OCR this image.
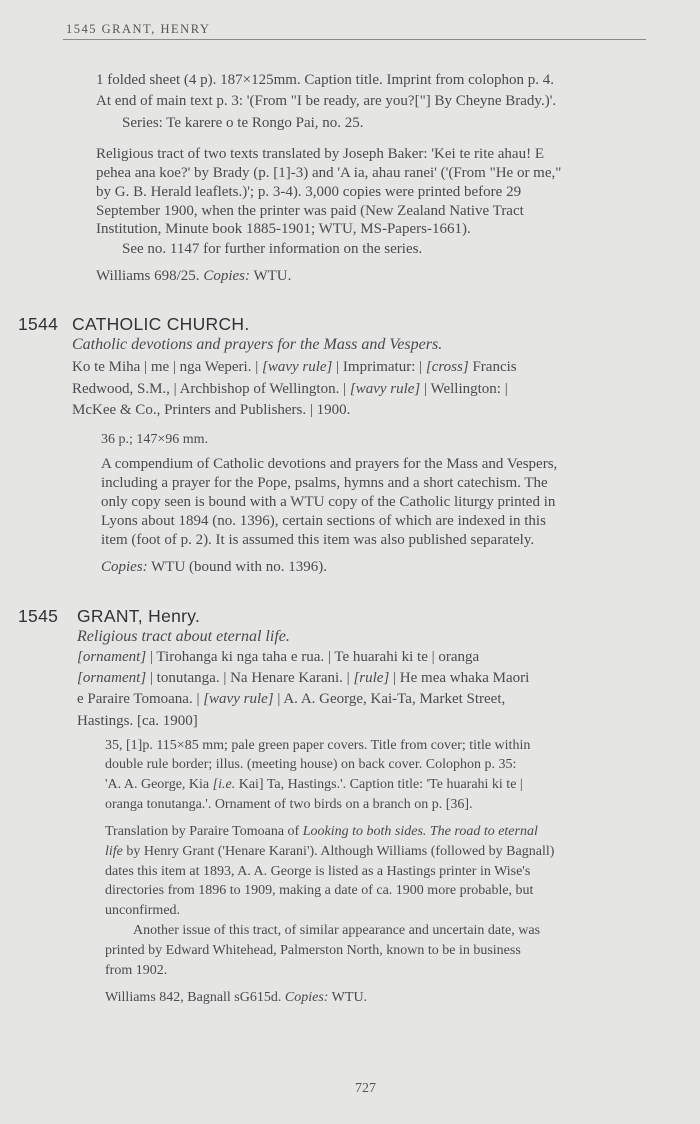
1545 GRANT, HENRY
1 folded sheet (4 p). 187×125mm. Caption title. Imprint from colophon p. 4.
At end of main text p. 3: '(From "I be ready, are you?["] By Cheyne Brady.)'.
Series: Te karere o te Rongo Pai, no. 25.
Religious tract of two texts translated by Joseph Baker: 'Kei te rite ahau! E
pehea ana koe?' by Brady (p. [1]-3) and 'A ia, ahau ranei' ('(From "He or me,"
by G. B. Herald leaflets.)'; p. 3-4). 3,000 copies were printed before 29
September 1900, when the printer was paid (New Zealand Native Tract
Institution, Minute book 1885-1901; WTU, MS-Papers-1661).
See no. 1147 for further information on the series.
Williams 698/25. Copies: WTU.
1544 CATHOLIC CHURCH.
Catholic devotions and prayers for the Mass and Vespers.
Ko te Miha | me | nga Weperi. | [wavy rule] | Imprimatur: | [cross] Francis
Redwood, S.M., | Archbishop of Wellington. | [wavy rule] | Wellington: |
McKee & Co., Printers and Publishers. | 1900.
36 p.; 147×96 mm.
A compendium of Catholic devotions and prayers for the Mass and Vespers,
including a prayer for the Pope, psalms, hymns and a short catechism. The
only copy seen is bound with a WTU copy of the Catholic liturgy printed in
Lyons about 1894 (no. 1396), certain sections of which are indexed in this
item (foot of p. 2). It is assumed this item was also published separately.
Copies: WTU (bound with no. 1396).
1545 GRANT, Henry.
Religious tract about eternal life.
[ornament] | Tirohanga ki nga taha e rua. | Te huarahi ki te | oranga
[ornament] | tonutanga. | Na Henare Karani. | [rule] | He mea whaka Maori
e Paraire Tomoana. | [wavy rule] | A. A. George, Kai-Ta, Market Street,
Hastings. [ca. 1900]
35, [1]p. 115×85 mm; pale green paper covers. Title from cover; title within
double rule border; illus. (meeting house) on back cover. Colophon p. 35:
'A. A. George, Kia [i.e. Kai] Ta, Hastings.'. Caption title: 'Te huarahi ki te |
oranga tonutanga.'. Ornament of two birds on a branch on p. [36].
Translation by Paraire Tomoana of Looking to both sides. The road to eternal
life by Henry Grant ('Henare Karani'). Although Williams (followed by Bagnall)
dates this item at 1893, A. A. George is listed as a Hastings printer in Wise's
directories from 1896 to 1909, making a date of ca. 1900 more probable, but
unconfirmed.
Another issue of this tract, of similar appearance and uncertain date, was
printed by Edward Whitehead, Palmerston North, known to be in business
from 1902.
Williams 842, Bagnall sG615d. Copies: WTU.
727
